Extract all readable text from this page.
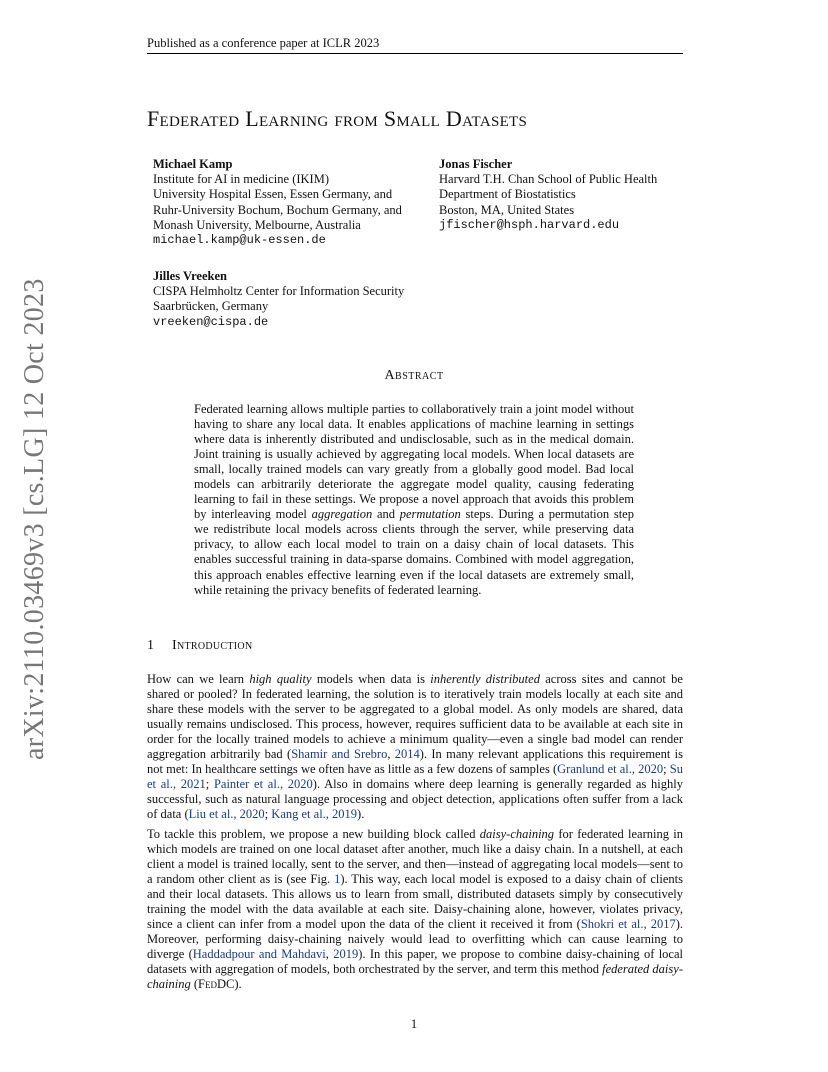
Published as a conference paper at ICLR 2023
Federated Learning from Small Datasets
Michael Kamp
Institute for AI in medicine (IKIM)
University Hospital Essen, Essen Germany, and
Ruhr-University Bochum, Bochum Germany, and
Monash University, Melbourne, Australia
michael.kamp@uk-essen.de
Jonas Fischer
Harvard T.H. Chan School of Public Health
Department of Biostatistics
Boston, MA, United States
jfischer@hsph.harvard.edu
Jilles Vreeken
CISPA Helmholtz Center for Information Security
Saarbrücken, Germany
vreeken@cispa.de
arXiv:2110.03469v3 [cs.LG] 12 Oct 2023	Abstract
Federated learning allows multiple parties to collaboratively train a joint model without having to share any local data. It enables applications of machine learning in settings where data is inherently distributed and undisclosable, such as in the medical domain. Joint training is usually achieved by aggregating local models. When local datasets are small, locally trained models can vary greatly from a globally good model. Bad local models can arbitrarily deteriorate the aggregate model quality, causing federating learning to fail in these settings. We propose a novel approach that avoids this problem by interleaving model aggregation and permutation steps. During a permutation step we redistribute local models across clients through the server, while preserving data privacy, to allow each local model to train on a daisy chain of local datasets. This enables successful training in data-sparse domains. Combined with model aggregation, this approach enables effective learning even if the local datasets are extremely small, while retaining the privacy benefits of federated learning.
1 Introduction
How can we learn high quality models when data is inherently distributed across sites and cannot be shared or pooled? In federated learning, the solution is to iteratively train models locally at each site and share these models with the server to be aggregated to a global model. As only models are shared, data usually remains undisclosed. This process, however, requires sufficient data to be available at each site in order for the locally trained models to achieve a minimum quality—even a single bad model can render aggregation arbitrarily bad (Shamir and Srebro, 2014). In many relevant applications this requirement is not met: In healthcare settings we often have as little as a few dozens of samples (Granlund et al., 2020; Su et al., 2021; Painter et al., 2020). Also in domains where deep learning is generally regarded as highly successful, such as natural language processing and object detection, applications often suffer from a lack of data (Liu et al., 2020; Kang et al., 2019).
To tackle this problem, we propose a new building block called daisy-chaining for federated learning in which models are trained on one local dataset after another, much like a daisy chain. In a nutshell, at each client a model is trained locally, sent to the server, and then—instead of aggregating local models—sent to a random other client as is (see Fig. 1). This way, each local model is exposed to a daisy chain of clients and their local datasets. This allows us to learn from small, distributed datasets simply by consecutively training the model with the data available at each site. Daisy-chaining alone, however, violates privacy, since a client can infer from a model upon the data of the client it received it from (Shokri et al., 2017). Moreover, performing daisy-chaining naively would lead to overfitting which can cause learning to diverge (Haddadpour and Mahdavi, 2019). In this paper, we propose to combine daisy-chaining of local datasets with aggregation of models, both orchestrated by the server, and term this method federated daisy-chaining (FedDC).
1
